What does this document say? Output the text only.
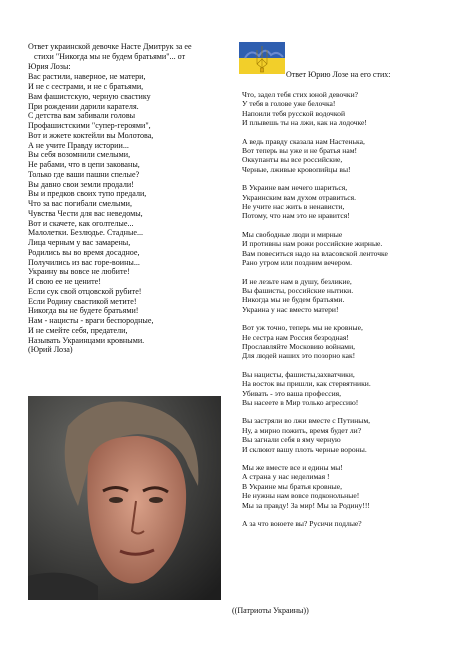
Ответ украинской девочке Насте Дмитрук за ее
стихи "Никогда мы не будем братьями"... от
Юрия Лозы:
Вас растили, наверное, не матери,
И не с сестрами, и не с братьями,
Вам фашистскую, черную свастику
При рождении дарили карателя.
С детства вам забивали головы
Профашистскими "супер-героями",
Вот и жжете коктейли вы Молотова,
А не учите Правду истории...
Вы себя возомнили смелыми,
Не рабами, что в цепи закованы,
Только где ваши пашни спелые?
Вы давно свои земли продали!
Вы и предков своих тупо предали,
Что за вас погибали смелыми,
Чувства Чести для вас неведомы,
Вот и скачете, как оголтелые...
Малолетки. Безлюдье. Стадные...
Лица черным у вас замарены,
Родились вы во время досадное,
Получились из вас горе-воины...
Украину вы вовсе не любите!
И свою ее не цените!
Если сук свой отцовской рубите!
Если Родину свастикой метите!
Никогда вы не будете братьями!
Нам - нацисты - враги беспородные,
И не смейте себя, предатели,
Называть Украинцами кровными.
(Юрий Лоза)
Ответ Юрию Лозе на его стих:
Что, задел тебя стих юной девочки?
У тебя в голове уже белочка!
Напоили тебя русской водочкой
И плывешь ты на лжи, как на лодочке!
А ведь правду сказала нам Настенька,
Вот теперь вы уже и не братья нам!
Оккупанты вы все российские,
Черные, лживые кровопийцы вы!
В Украине вам нечего шариться,
Украинским вам духом отравиться.
Не учите нас жить в ненависти,
Потому, что нам это не нравится!
Мы свободные люди и мирные
И противны нам рожи российские жирные.
Вам повеситься надо на власовской ленточке
Рано утром или поздним вечером.
И не лезьте нам в душу, безликие,
Вы фашисты, российские нытики.
Никогда мы не будем братьями.
Украина у нас вместо матери!
Вот уж точно, теперь мы не кровные,
Не сестра нам Россия безродная!
Прославляйте Московию войнами,
Для людей наших это позорно как!
Вы нацисты, фашисты,захватчики,
На восток вы пришли, как стервятники.
Убивать - это ваша профессия,
Вы насеете в Мир только агрессию!
Вы застряли во лжи вместе с Путиным,
Ну, а мирно пожить, время будет ли?
Вы загнали себя в яму черную
И склюют вашу плоть черные вороны.
Мы же вместе все и едины мы!
А страна у нас неделимая !
В Украине мы братья кровные,
Не нужны нам вовсе подконольные!
Мы за правду! За мир! Мы за Родину!!!
А за что воюете вы? Русичи подлые?
((Патриоты Украины))
